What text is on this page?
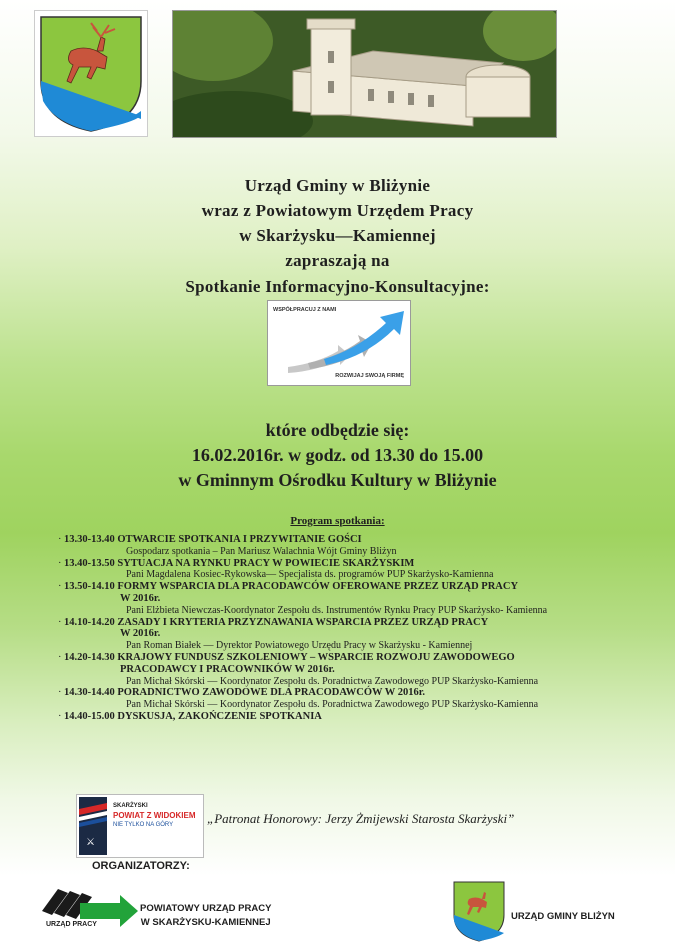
Urząd Gminy w Bliżynie
wraz z Powiatowym Urzędem Pracy
w Skarżysku—Kamiennej
zapraszają na
Spotkanie Informacyjno-Konsultacyjne:
WSPÓŁPRACUJ Z NAMI
ROZWIJAJ SWOJĄ FIRMĘ
które odbędzie się:
16.02.2016r. w godz. od 13.30 do 15.00
w Gminnym Ośrodku Kultury w Bliżynie
Program spotkania:
· 13.30-13.40 OTWARCIE SPOTKANIA I PRZYWITANIE GOŚCI
Gospodarz spotkania – Pan Mariusz Walachnia Wójt Gminy Bliżyn
· 13.40-13.50 SYTUACJA NA RYNKU PRACY W POWIECIE SKARŻYSKIM
Pani Magdalena Kosiec-Rykowska— Specjalista ds. programów PUP Skarżysko-Kamienna
· 13.50-14.10 FORMY WSPARCIA DLA PRACODAWCÓW OFEROWANE PRZEZ URZĄD PRACY
W 2016r.
Pani Elżbieta Niewczas-Koordynator Zespołu ds. Instrumentów Rynku Pracy PUP Skarżysko- Kamienna
· 14.10-14.20 ZASADY I KRYTERIA PRZYZNAWANIA WSPARCIA PRZEZ URZĄD PRACY
W 2016r.
Pan Roman Białek — Dyrektor Powiatowego Urzędu Pracy w Skarżysku - Kamiennej
· 14.20-14.30 KRAJOWY FUNDUSZ SZKOLENIOWY – WSPARCIE ROZWOJU ZAWODOWEGO
PRACODAWCY I PRACOWNIKÓW W 2016r.
Pan Michał Skórski — Koordynator Zespołu ds. Poradnictwa Zawodowego PUP Skarżysko-Kamienna
· 14.30-14.40 PORADNICTWO ZAWODOWE DLA PRACODAWCÓW W 2016r.
Pan Michał Skórski — Koordynator Zespołu ds. Poradnictwa Zawodowego PUP Skarżysko-Kamienna
· 14.40-15.00 DYSKUSJA, ZAKOŃCZENIE SPOTKANIA
⚔
SKARŻYSKI
POWIAT Z WIDOKIEM
NIE TYLKO NA GÓRY	„Patronat Honorowy: Jerzy Żmijewski Starosta Skarżyski”
ORGANIZATORZY:
URZĄD PRACY
POWIATOWY URZĄD PRACY
W SKARŻYSKU-KAMIENNEJ
URZĄD GMINY BLIŻYN
